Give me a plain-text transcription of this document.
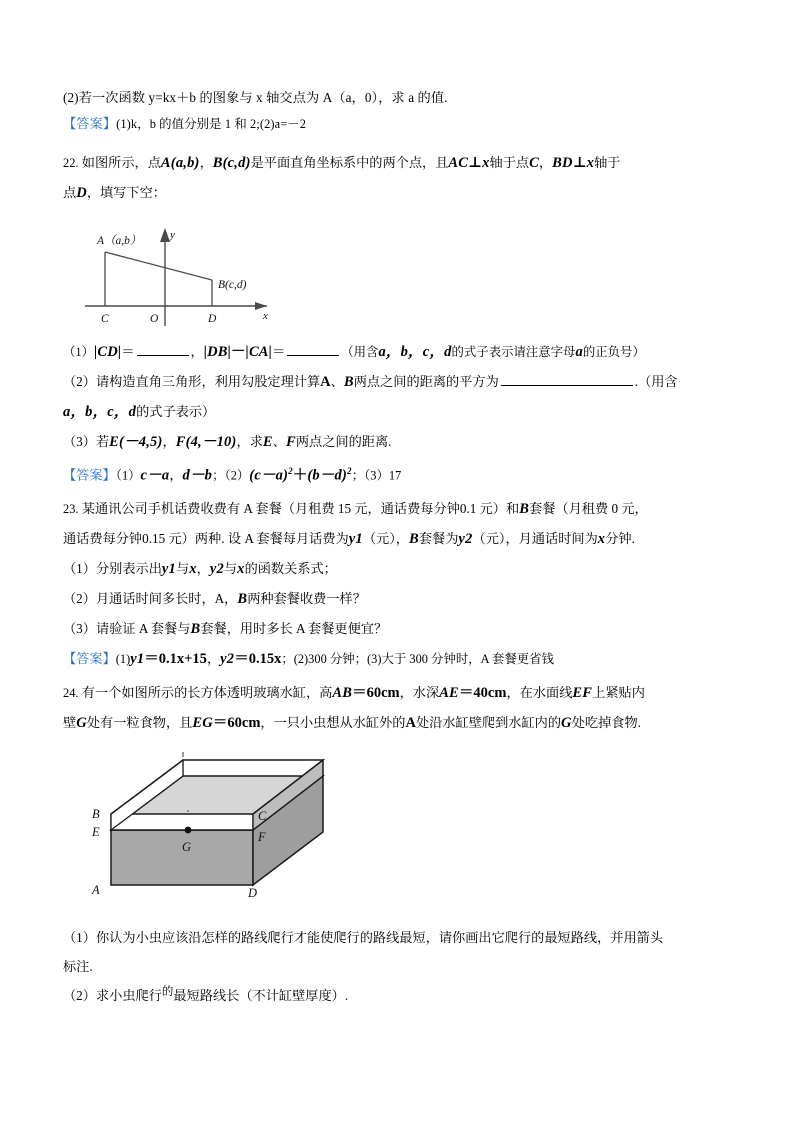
(2)若一次函数 y=kx＋b 的图象与 x 轴交点为 A（a，0），求 a 的值.
【答案】(1)k，b 的值分别是 1 和 2;(2)a=－2
22. 如图所示，点A(a,b)，B(c,d)是平面直角坐标系中的两个点，且AC⊥x轴于点C，BD⊥x轴于
点D，填写下空：
A（a,b）
B(c,d)
C	D
O
y
x
（1）|CD|＝	，|DB|－|CA|＝	（用含a，b，c，d的式子表示请注意字母a的正负号）
（2）请构造直角三角形，利用勾股定理计算A、B两点之间的距离的平方为	.（用含
a，b，c，d的式子表示）
（3）若E(－4,5)，F(4,－10)，求E、F两点之间的距离.
【答案】（1）c－a，d－b；$(2)(c-a)^2+(b-d)^2$；（3）17
23. 某通讯公司手机话费收费有 A 套餐（月租费 15 元，通话费每分钟0.1 元）和B套餐（月租费 0 元，
通话费每分钟0.15 元）两种. 设 A 套餐每月话费为y1（元），B套餐为y2（元），月通话时间为x分钟.
（1）分别表示出y1与x，y2与x的函数关系式；
（2）月通话时间多长时，A，B两种套餐收费一样？
（3）请验证 A 套餐与B套餐，用时多长 A 套餐更便宜？
【答案】(1)y1＝0.1x+15，y2＝0.15x；(2)300 分钟；(3)大于 300 分钟时，A 套餐更省钱
24. 有一个如图所示的长方体透明玻璃水缸，高AB＝60cm，水深AE＝40cm，在水面线EF上紧贴内
壁G处有一粒食物，且EG＝60cm，一只小虫想从水缸外的A处沿水缸壁爬到水缸内的G处吃掉食物.
B
E
A
C
F
D
G
（1）你认为小虫应该沿怎样的路线爬行才能使爬行的路线最短，请你画出它爬行的最短路线，并用箭头
标注.
（2）求小虫爬行的最短路线长（不计缸壁厚度）.
